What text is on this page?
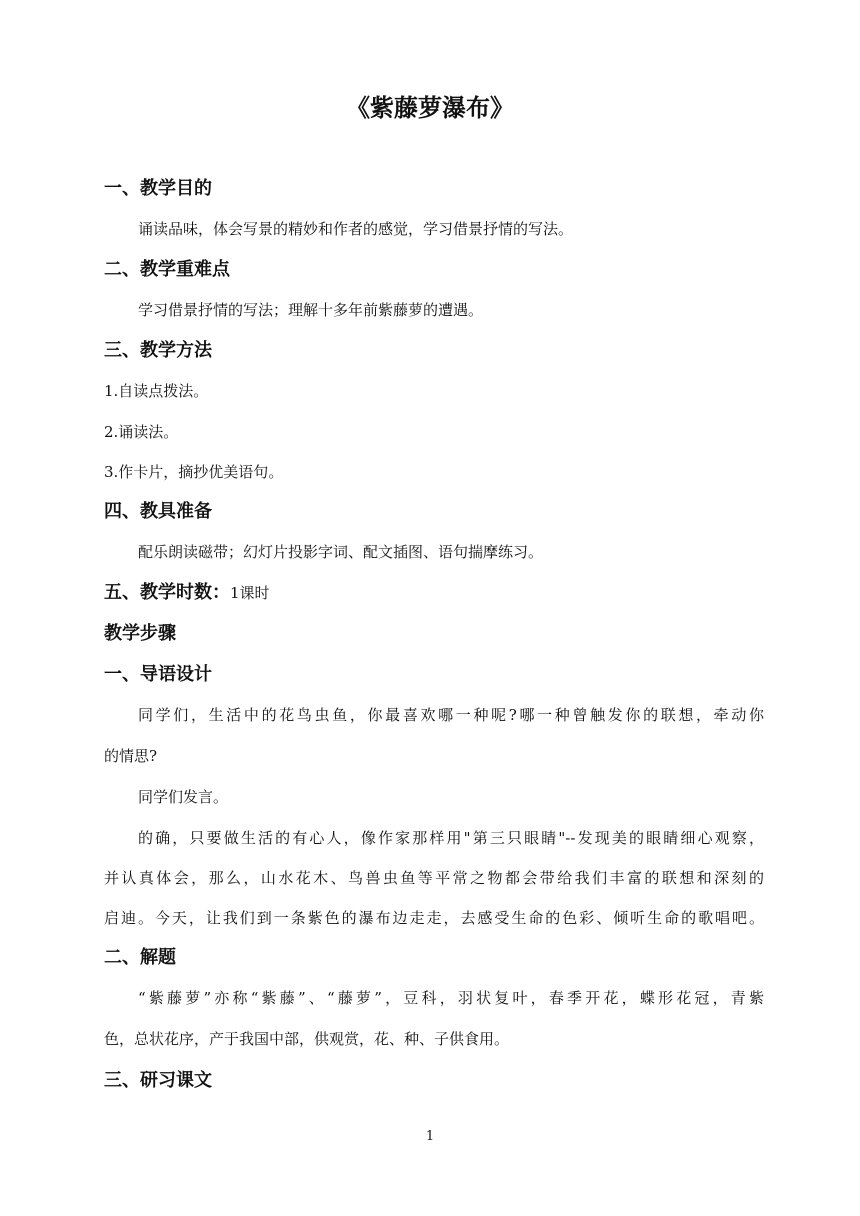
《紫藤萝瀑布》
一、教学目的
诵读品味，体会写景的精妙和作者的感觉，学习借景抒情的写法。
二、教学重难点
学习借景抒情的写法；理解十多年前紫藤萝的遭遇。
三、教学方法
1.自读点拨法。
2.诵读法。
3.作卡片，摘抄优美语句。
四、教具准备
配乐朗读磁带；幻灯片投影字词、配文插图、语句揣摩练习。
五、教学时数：1课时
教学步骤
一、导语设计
同学们，生活中的花鸟虫鱼，你最喜欢哪一种呢?哪一种曾触发你的联想，牵动你
的情思?
同学们发言。
的确，只要做生活的有心人，像作家那样用"第三只眼睛"--发现美的眼睛细心观察，
并认真体会，那么，山水花木、鸟兽虫鱼等平常之物都会带给我们丰富的联想和深刻的
启迪。今天，让我们到一条紫色的瀑布边走走，去感受生命的色彩、倾听生命的歌唱吧。
二、解题
“紫藤萝”亦称“紫藤”、“藤萝”，豆科，羽状复叶，春季开花，蝶形花冠，青紫
色，总状花序，产于我国中部，供观赏，花、种、子供食用。
三、研习课文
1
